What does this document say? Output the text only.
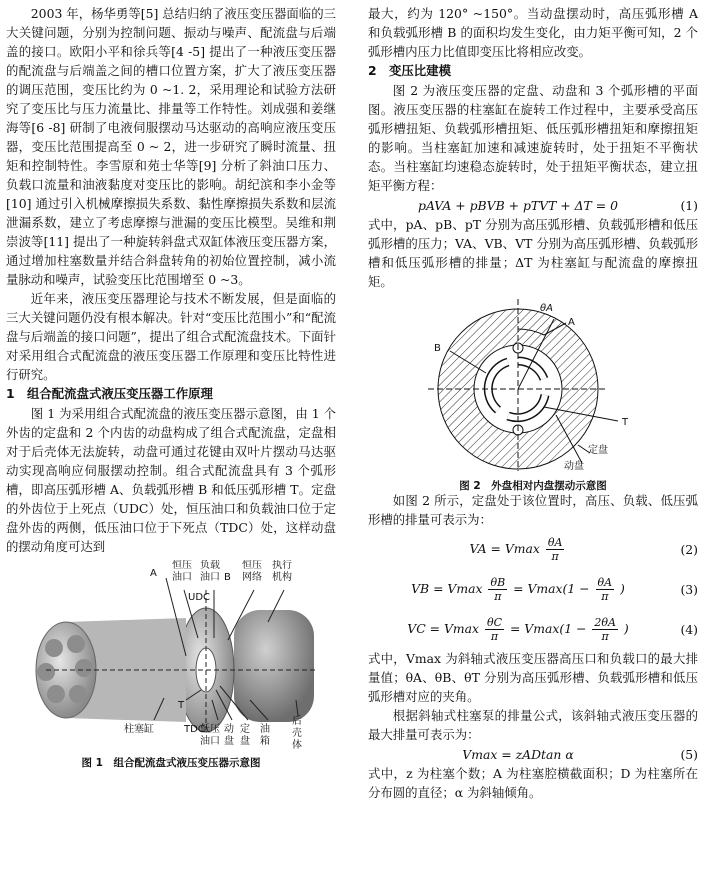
2003 年，杨华勇等[5] 总结归纳了液压变压器面临的三大关键问题，分别为控制问题、振动与噪声、配流盘与后端盖的接口。欧阳小平和徐兵等[4 -5] 提出了一种液压变压器的配流盘与后端盖之间的槽口位置方案，扩大了液压变压器的调压范围，变压比约为 0 ~1. 2，采用理论和试验方法研究了变压比与压力流量比、排量等工作特性。刘成强和姜继海等[6 -8] 研制了电液伺服摆动马达驱动的高响应液压变压器，变压比范围提高至 0 ~ 2，进一步研究了瞬时流量、扭矩和控制特性。李雪原和苑士华等[9] 分析了斜油口压力、负载口流量和油液黏度对变压比的影响。胡纪滨和李小金等[10] 通过引入机械摩擦损失系数、黏性摩擦损失系数和层流泄漏系数，建立了考虑摩擦与泄漏的变压比模型。吴维和荆崇波等[11] 提出了一种旋转斜盘式双缸体液压变压器方案，通过增加柱塞数量并结合斜盘转角的初始位置控制，减小流量脉动和噪声，试验变压比范围增至 0 ~3。

近年来，液压变压器理论与技术不断发展，但是面临的三大关键问题仍没有根本解决。针对“变压比范围小”和“配流盘与后端盖的接口问题”，提出了组合式配流盘技术。下面针对采用组合式配流盘的液压变压器工作原理和变压比特性进行研究。

1　组合配流盘式液压变压器工作原理

图 1 为采用组合式配流盘的液压变压器示意图，由 1 个外齿的定盘和 2 个内齿的动盘构成了组合式配流盘，定盘相对于后壳体无法旋转，动盘可通过花键由双叶片摆动马达驱动实现高响应伺服摆动控制。组合式配流盘具有 3 个弧形槽，即高压弧形槽 A、负载弧形槽 B 和低压弧形槽 T。定盘的外齿位于上死点（UDC）处，恒压油口和负载油口位于定盘外齿的两侧，低压油口位于下死点（TDC）处，这样动盘的摆动角度可达到

恒压
油口
负载
油口 B
恒压
网络
执行
机构
A
UDC
T
柱塞缸	TDC
低压
油口
动
盘
定
盘
油
箱
后
壳
体
图 1　组合配流盘式液压变压器示意图

最大，约为 120° ~150°。当动盘摆动时，高压弧形槽 A 和负载弧形槽 B 的面积均发生变化，由力矩平衡可知，2 个弧形槽内压力比值即变压比将相应改变。

2　变压比建模

图 2 为液压变压器的定盘、动盘和 3 个弧形槽的平面图。液压变压器的柱塞缸在旋转工作过程中，主要承受高压弧形槽扭矩、负载弧形槽扭矩、低压弧形槽扭矩和摩擦扭矩的影响。当柱塞缸加速和减速旋转时，处于扭矩不平衡状态。当柱塞缸均速稳态旋转时，处于扭矩平衡状态，建立扭矩平衡方程：

pAVA + pBVB + pTVT + ΔT = 0	(1)

式中，pA、pB、pT 分别为高压弧形槽、负载弧形槽和低压弧形槽的压力；VA、VB、VT 分别为高压弧形槽、负载弧形槽和低压弧形槽的排量；ΔT 为柱塞缸与配流盘的摩擦扭矩。

θA
A
B
T
定盘
动盘
图 2　外盘相对内盘摆动示意图

如图 2 所示，定盘处于该位置时，高压、负载、低压弧形槽的排量可表示为：

VA = Vmax $\frac{\theta A}{\pi}$	(2)
VB = Vmax $\frac{\theta B}{\pi} = Vmax(1 - \frac{\theta A}{\pi}$ )	(3)
VC = Vmax $\frac{\theta C}{\pi} = Vmax(1 - \frac{2\theta A}{\pi}$ )	(4)

式中，Vmax 为斜轴式液压变压器高压口和负载口的最大排量值；θA、θB、θT 分别为高压弧形槽、负载弧形槽和低压弧形槽对应的夹角。

根据斜轴式柱塞泵的排量公式，该斜轴式液压变压器的最大排量可表示为：

Vmax = zADtan α	(5)

式中，z 为柱塞个数；A 为柱塞腔横截面积；D 为柱塞所在分布圆的直径；α 为斜轴倾角。
